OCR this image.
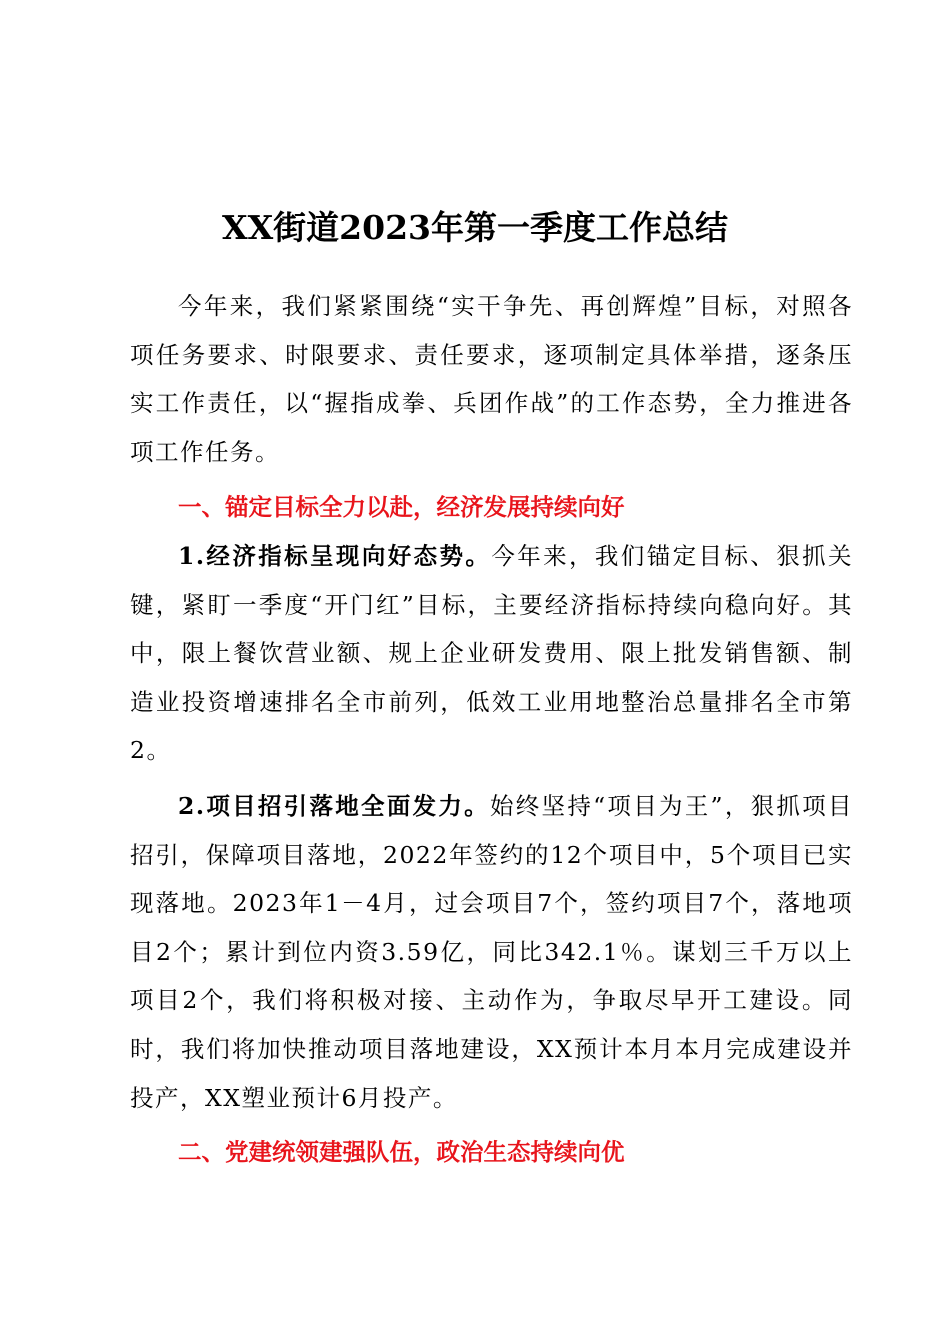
XX街道2023年第一季度工作总结

今年来，我们紧紧围绕“实干争先、再创辉煌”目标，对照各项任务要求、时限要求、责任要求，逐项制定具体举措，逐条压实工作责任，以“握指成拳、兵团作战”的工作态势，全力推进各项工作任务。

一、锚定目标全力以赴，经济发展持续向好

1.经济指标呈现向好态势。今年来，我们锚定目标、狠抓关键，紧盯一季度“开门红”目标，主要经济指标持续向稳向好。其中，限上餐饮营业额、规上企业研发费用、限上批发销售额、制造业投资增速排名全市前列，低效工业用地整治总量排名全市第2。

2.项目招引落地全面发力。始终坚持“项目为王”，狠抓项目招引，保障项目落地，2022年签约的12个项目中，5个项目已实现落地。2023年1－4月，过会项目7个，签约项目7个，落地项目2个；累计到位内资3.59亿，同比342.1％。谋划三千万以上项目2个，我们将积极对接、主动作为，争取尽早开工建设。同时，我们将加快推动项目落地建设，XX预计本月本月完成建设并投产，XX塑业预计6月投产。

二、党建统领建强队伍，政治生态持续向优
